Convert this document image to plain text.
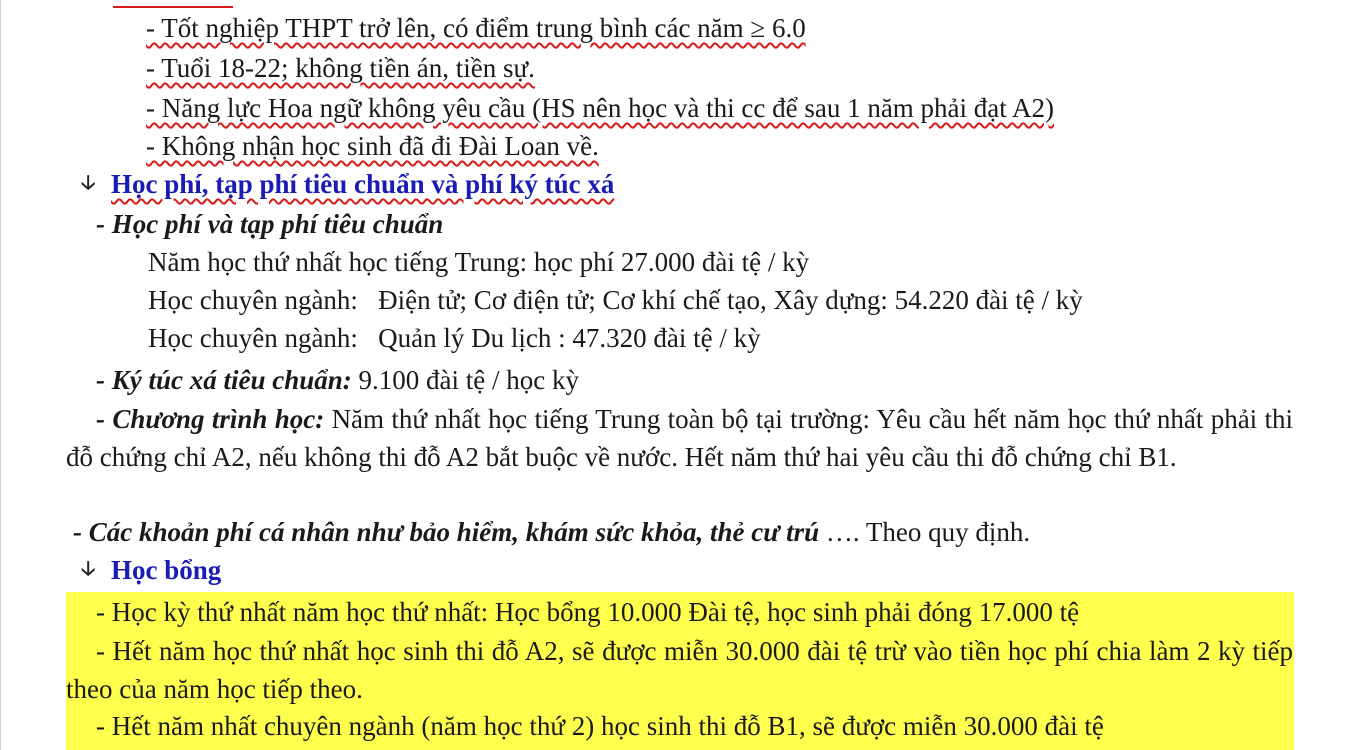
- Tốt nghiệp THPT trở lên, có điểm trung bình các năm ≥ 6.0
- Tuổi 18-22; không tiền án, tiền sự.
- Năng lực Hoa ngữ không yêu cầu (HS nên học và thi cc để sau 1 năm phải đạt A2)
- Không nhận học sinh đã đi Đài Loan về.
🡣 Học phí, tạp phí tiêu chuẩn và phí ký túc xá
- Học phí và tạp phí tiêu chuẩn
Năm học thứ nhất học tiếng Trung: học phí 27.000 đài tệ / kỳ
Học chuyên ngành:   Điện tử; Cơ điện tử; Cơ khí chế tạo, Xây dựng: 54.220 đài tệ / kỳ
Học chuyên ngành:   Quản lý Du lịch : 47.320 đài tệ / kỳ
- Ký túc xá tiêu chuẩn: 9.100 đài tệ / học kỳ
- Chương trình học: Năm thứ nhất học tiếng Trung toàn bộ tại trường: Yêu cầu hết năm học thứ nhất phải thi đỗ chứng chỉ A2, nếu không thi đỗ A2 bắt buộc về nước. Hết năm thứ hai yêu cầu thi đỗ chứng chỉ B1.
- Các khoản phí cá nhân như bảo hiểm, khám sức khỏa, thẻ cư trú …. Theo quy định.
🡣 Học bổng
- Học kỳ thứ nhất năm học thứ nhất: Học bổng 10.000 Đài tệ, học sinh phải đóng 17.000 tệ
- Hết năm học thứ nhất học sinh thi đỗ A2, sẽ được miễn 30.000 đài tệ trừ vào tiền học phí chia làm 2 kỳ tiếp theo của năm học tiếp theo.
- Hết năm nhất chuyên ngành (năm học thứ 2) học sinh thi đỗ B1, sẽ được miễn 30.000 đài tệ
